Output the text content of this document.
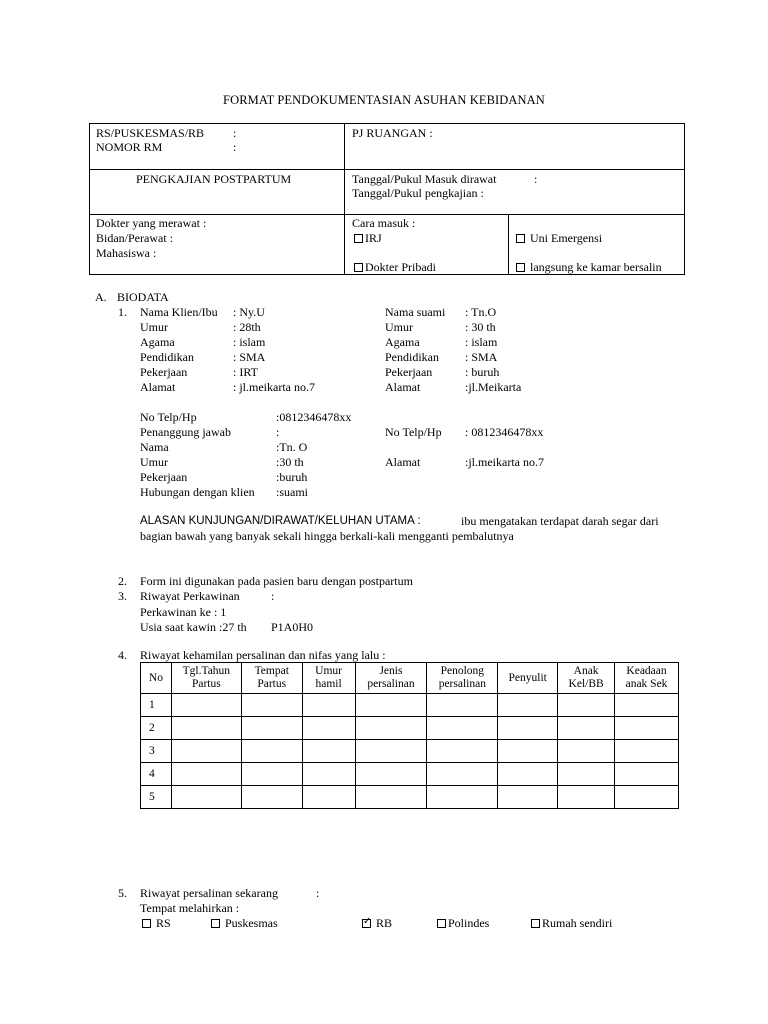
FORMAT PENDOKUMENTASIAN ASUHAN KEBIDANAN
RS/PUSKESMAS/RB :
NOMOR RM	:
PJ RUANGAN :
PENGKAJIAN POSTPARTUM	Tanggal/Pukul Masuk dirawat	:
Tanggal/Pukul pengkajian :
Dokter yang merawat :
Bidan/Perawat :
Mahasiswa :
Cara masuk :
IRJ	Uni Emergensi
Dokter Pribadi	langsung ke kamar bersalin
A. BIODATA
1. Nama Klien/Ibu : Ny.U
Umur	: 28th
Agama	: islam
Pendidikan	: SMA
Pekerjaan	: IRT
Alamat	: jl.meikarta no.7
Nama suami : Tn.O
Umur	: 30 th
Agama	: islam
Pendidikan : SMA
Pekerjaan	: buruh
Alamat	:jl.Meikarta
No Telp/Hp	:0812346478xx
Penanggung jawab	:	No Telp/Hp : 0812346478xx
Nama	:Tn. O
Umur	:30 th	Alamat	:jl.meikarta no.7
Pekerjaan	:buruh
Hubungan dengan klien :suami
ALASAN KUNJUNGAN/DIRAWAT/KELUHAN UTAMA :	ibu mengatakan terdapat darah segar dari
bagian bawah yang banyak sekali hingga berkali-kali mengganti pembalutnya
2. Form ini digunakan pada pasien baru dengan postpartum
3. Riwayat Perkawinan	:
Perkawinan ke : 1
Usia saat kawin :27 th P1A0H0
4. Riwayat kehamilan persalinan dan nifas yang lalu :
No

Tgl.Tahun
Partus

Tempat
Partus

Umur
hamil

Jenis
persalinan

Penolong
persalinan

Penyulit

Anak
Kel/BB

Keadaan
anak Sek

1								
2								
3								
4								
5								
5. Riwayat persalinan sekarang	:
Tempat melahirkan :
RS	Puskesmas
✓	RB	Polindes	Rumah sendiri
